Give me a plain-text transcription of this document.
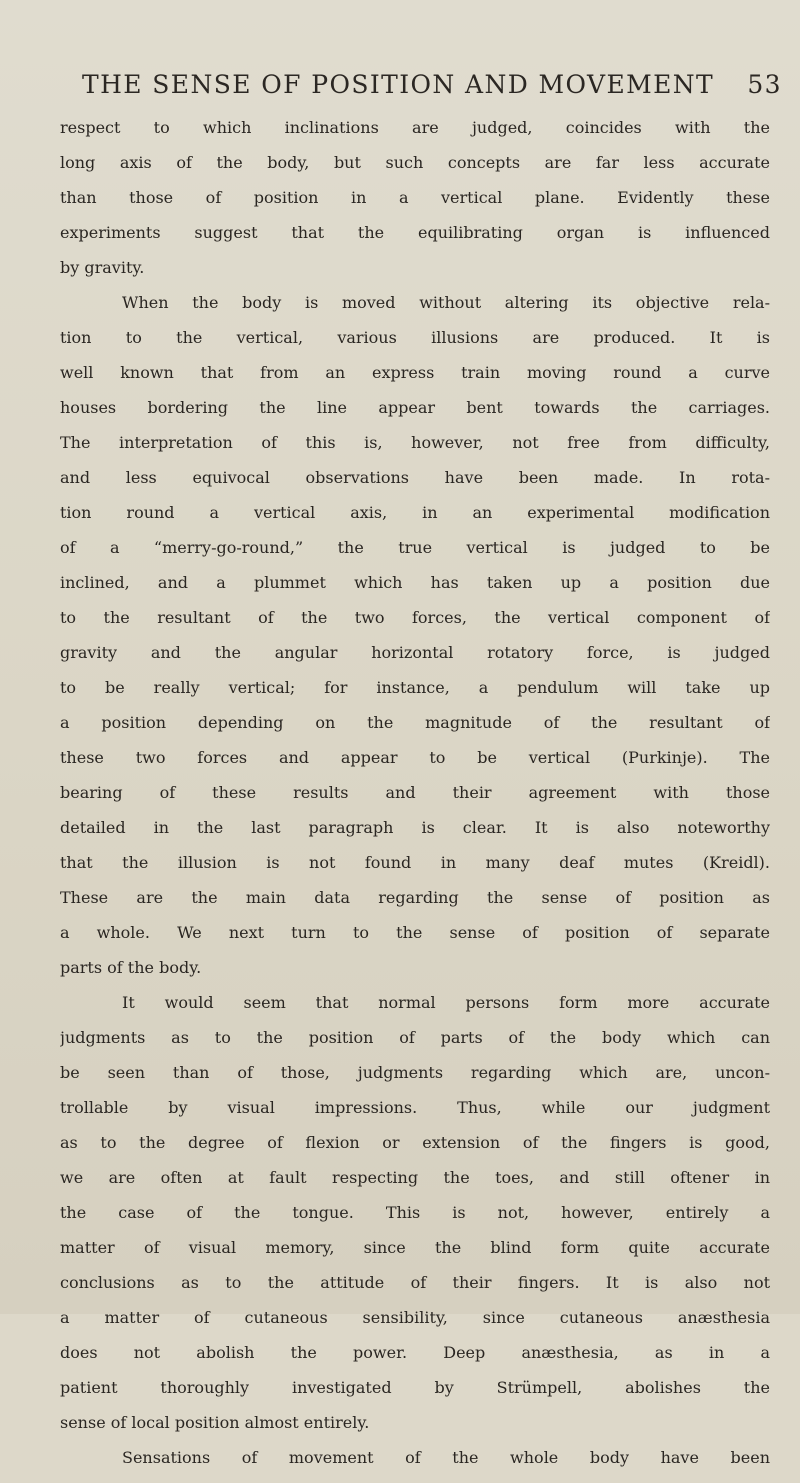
THE SENSE OF POSITION AND MOVEMENT 53
respect to which inclinations are judged, coincides with the
long axis of the body, but such concepts are far less accurate
than those of position in a vertical plane. Evidently these
experiments suggest that the equilibrating organ is influenced
by gravity.
When the body is moved without altering its objective rela-
tion to the vertical, various illusions are produced. It is
well known that from an express train moving round a curve
houses bordering the line appear bent towards the carriages.
The interpretation of this is, however, not free from difficulty,
and less equivocal observations have been made. In rota-
tion round a vertical axis, in an experimental modification
of a “merry-go-round,” the true vertical is judged to be
inclined, and a plummet which has taken up a position due
to the resultant of the two forces, the vertical component of
gravity and the angular horizontal rotatory force, is judged
to be really vertical; for instance, a pendulum will take up
a position depending on the magnitude of the resultant of
these two forces and appear to be vertical (Purkinje). The
bearing of these results and their agreement with those
detailed in the last paragraph is clear. It is also noteworthy
that the illusion is not found in many deaf mutes (Kreidl).
These are the main data regarding the sense of position as
a whole. We next turn to the sense of position of separate
parts of the body.
It would seem that normal persons form more accurate
judgments as to the position of parts of the body which can
be seen than of those, judgments regarding which are, uncon-
trollable by visual impressions. Thus, while our judgment
as to the degree of flexion or extension of the fingers is good,
we are often at fault respecting the toes, and still oftener in
the case of the tongue. This is not, however, entirely a
matter of visual memory, since the blind form quite accurate
conclusions as to the attitude of their fingers. It is also not
a matter of cutaneous sensibility, since cutaneous anæsthesia
does not abolish the power. Deep anæsthesia, as in a
patient thoroughly investigated by Strümpell, abolishes the
sense of local position almost entirely.
Sensations of movement of the whole body have been
